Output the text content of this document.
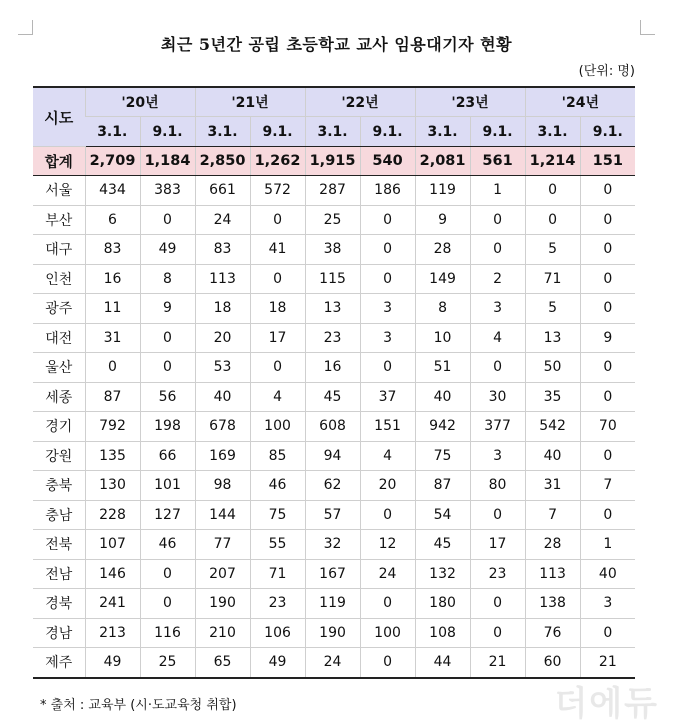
최근 5년간 공립 초등학교 교사 임용대기자 현황
(단위: 명)
시도	'20년		'21년		'22년		'23년		'24년	
	3.1.	9.1.	3.1.	9.1.	3.1.	9.1.	3.1.	9.1.	3.1.	9.1.
합계	2,709	1,184	2,850	1,262	1,915	540	2,081	561	1,214	151
서울	434	383	661	572	287	186	119	1	0	0
부산	6	0	24	0	25	0	9	0	0	0
대구	83	49	83	41	38	0	28	0	5	0
인천	16	8	113	0	115	0	149	2	71	0
광주	11	9	18	18	13	3	8	3	5	0
대전	31	0	20	17	23	3	10	4	13	9
울산	0	0	53	0	16	0	51	0	50	0
세종	87	56	40	4	45	37	40	30	35	0
경기	792	198	678	100	608	151	942	377	542	70
강원	135	66	169	85	94	4	75	3	40	0
충북	130	101	98	46	62	20	87	80	31	7
충남	228	127	144	75	57	0	54	0	7	0
전북	107	46	77	55	32	12	45	17	28	1
전남	146	0	207	71	167	24	132	23	113	40
경북	241	0	190	23	119	0	180	0	138	3
경남	213	116	210	106	190	100	108	0	76	0
제주	49	25	65	49	24	0	44	21	60	21
* 출처 : 교육부 (시·도교육청 취합)	더에듀
